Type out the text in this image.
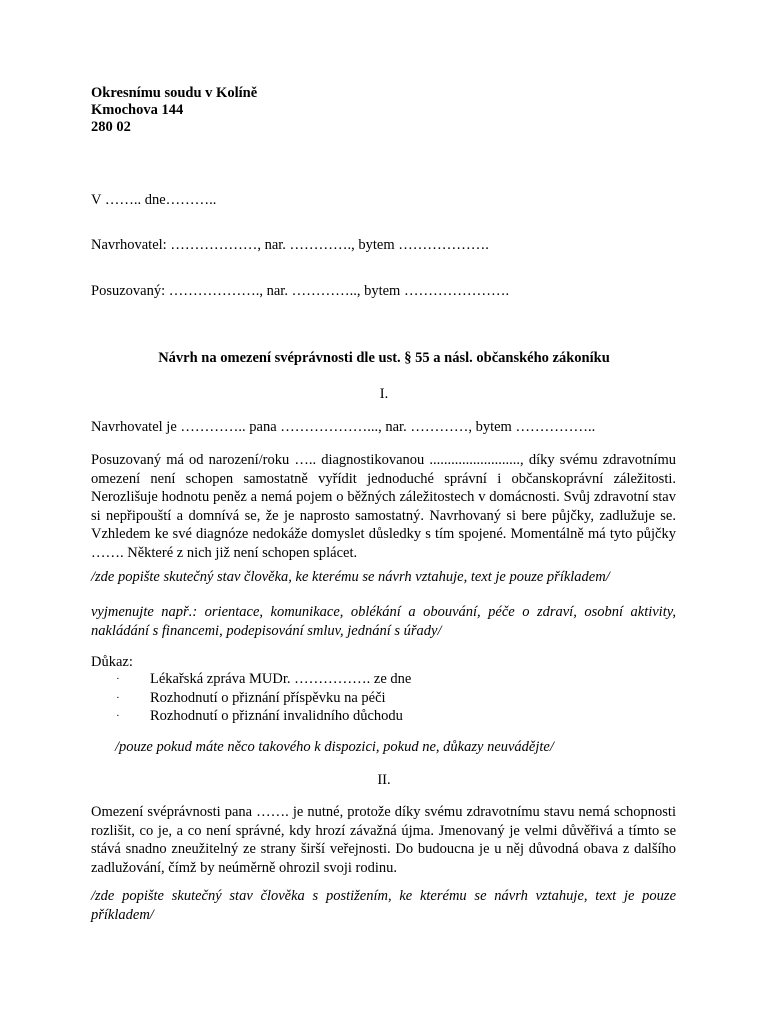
Okresnímu soudu v Kolíně
Kmochova 144
280 02
V …….. dne………..
Navrhovatel: ………………, nar. …………., bytem ……………….
Posuzovaný: ………………., nar. ………….., bytem ………………….
Návrh na omezení svéprávnosti dle ust. § 55 a násl. občanského zákoníku
I.
Navrhovatel je ………….. pana ………………..., nar. …………, bytem ……………..

Posuzovaný má od narození/roku ….. diagnostikovanou ........................., díky svému zdravotnímu omezení není schopen samostatně vyřídit jednoduché správní i občanskoprávní záležitosti. Nerozlišuje hodnotu peněz a nemá pojem o běžných záležitostech v domácnosti. Svůj zdravotní stav si nepřipouští a domnívá se, že je naprosto samostatný. Navrhovaný si bere půjčky, zadlužuje se. Vzhledem ke své diagnóze nedokáže domyslet důsledky s tím spojené. Momentálně má tyto půjčky ……. Některé z nich již není schopen splácet.

/zde popište skutečný stav člověka, ke kterému se návrh vztahuje, text je pouze příkladem/

vyjmenujte např.: orientace, komunikace, oblékání a obouvání, péče o zdraví, osobní aktivity, nakládání s financemi, podepisování smluv, jednání s úřady/

Důkaz:
· Lékařská zpráva MUDr. ……………. ze dne
· Rozhodnutí o přiznání příspěvku na péči
· Rozhodnutí o přiznání invalidního důchodu
/pouze pokud máte něco takového k dispozici, pokud ne, důkazy neuvádějte/
II.

Omezení svéprávnosti pana ……. je nutné, protože díky svému zdravotnímu stavu nemá schopnosti rozlišit, co je, a co není správné, kdy hrozí závažná újma. Jmenovaný je velmi důvěřivá a tímto se stává snadno zneužitelný ze strany širší veřejnosti. Do budoucna je u něj důvodná obava z dalšího zadlužování, čímž by neúměrně ohrozil svoji rodinu.

/zde popište skutečný stav člověka s postižením, ke kterému se návrh vztahuje, text je pouze příkladem/
